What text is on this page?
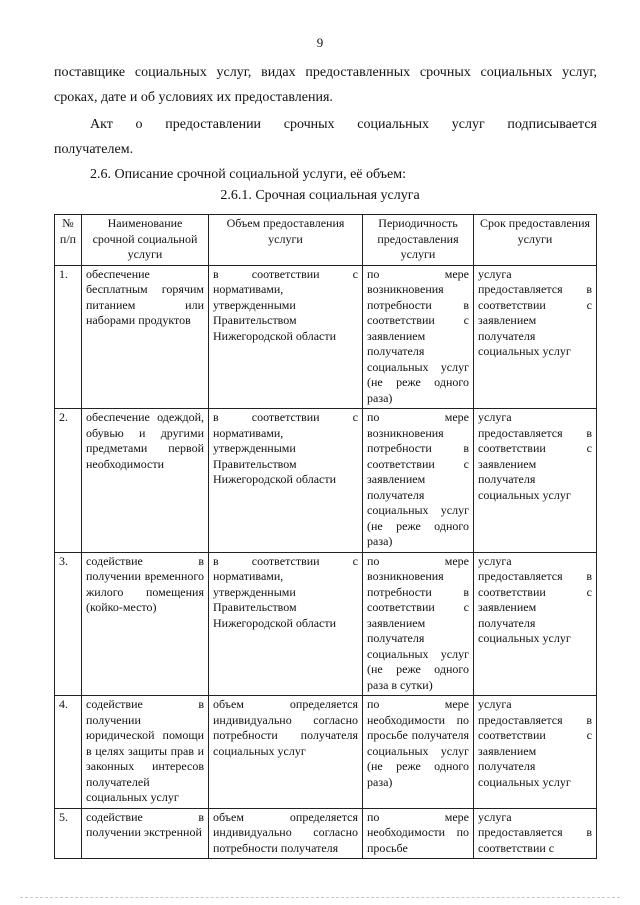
9

поставщике социальных услуг, видах предоставленных срочных социальных услуг,

сроках, дате и об условиях их предоставления.

Акт о предоставлении срочных социальных услуг подписывается

получателем.

2.6. Описание срочной социальной услуги, её объем:

2.6.1. Срочная социальная услуга
№ п/п	Наименование срочной социальной услуги	Объем предоставления услуги	Периодичность предоставления услуги	Срок предоставления услуги
1.	обеспечение бесплатным горячим питанием или наборами продуктов	в соответствии с нормативами, утвержденными Правительством Нижегородской области	по мере возникновения потребности в соответствии с заявлением получателя социальных услуг (не реже одного раза)	услуга предоставляется в соответствии с заявлением получателя социальных услуг
2.	обеспечение одеждой, обувью и другими предметами первой необходимости	в соответствии с нормативами, утвержденными Правительством Нижегородской области	по мере возникновения потребности в соответствии с заявлением получателя социальных услуг (не реже одного раза)	услуга предоставляется в соответствии с заявлением получателя социальных услуг
3.	содействие в получении временного жилого помещения (койко-место)	в соответствии с нормативами, утвержденными Правительством Нижегородской области	по мере возникновения потребности в соответствии с заявлением получателя социальных услуг (не реже одного раза в сутки)	услуга предоставляется в соответствии с заявлением получателя социальных услуг
4.	содействие в получении юридической помощи в целях защиты прав и законных интересов получателей социальных услуг	объем определяется индивидуально согласно потребности получателя социальных услуг	по мере необходимости по просьбе получателя социальных услуг (не реже одного раза)	услуга предоставляется в соответствии с заявлением получателя социальных услуг
5.	содействие в получении экстренной	объем определяется индивидуально согласно потребности получателя	по мере необходимости по просьбе	услуга предоставляется в соответствии с
